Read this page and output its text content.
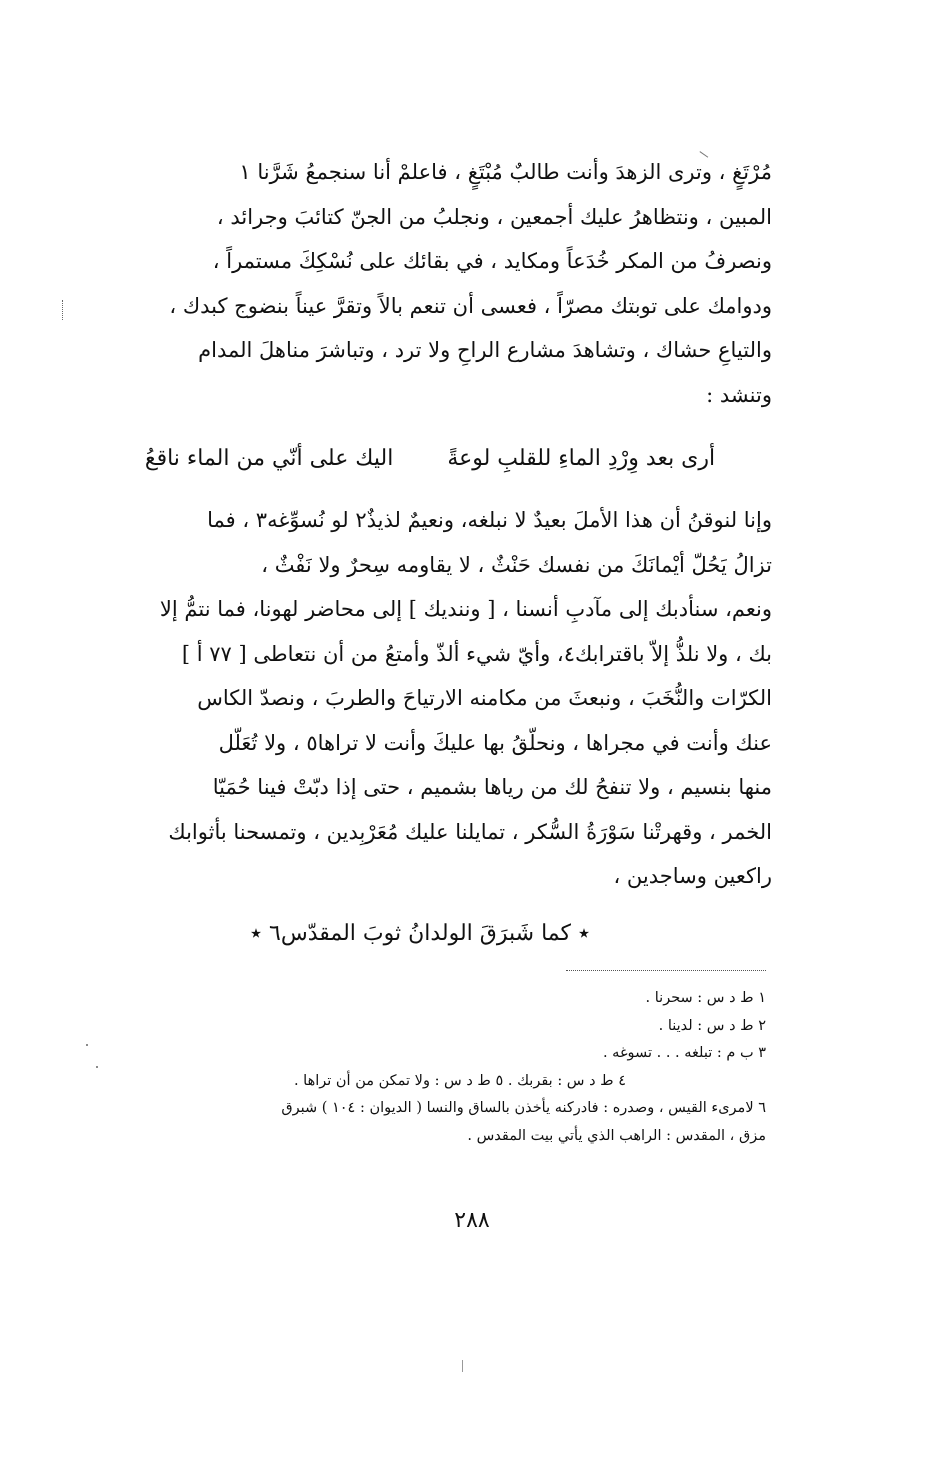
مُرْتَغٍ ، وترى الزهدَ وأنت طالبٌ مُبْتَغٍ ، فاعلمْ أنا سنجمعُ شَرَّنا ١
المبين ، ونتظاهرُ عليك أجمعين ، ونجلبُ من الجنّ كتائبَ وجرائد ،
ونصرفُ من المكر خُدَعاً ومكايد ، في بقائك على نُسْكِكَ مستمراً ،
ودوامك على توبتك مصرّاً ، فعسى أن تنعم بالاً وتقرَّ عيناً بنضوج كبدك ،
والتياعِ حشاك ، وتشاهدَ مشارع الراحِ ولا ترد ، وتباشرَ مناهلَ المدام
وتنشد :
أرى بعد وِرْدِ الماءِ للقلبِ لوعةً  اليك على أنّي من الماء ناقعُ
وإنا لنوقنُ أن هذا الأملَ بعيدٌ لا نبلغه، ونعيمٌ لذيذٌ٢ لو نُسوِّغه٣ ، فما
تزالُ يَحُلّ أيْمانَكَ من نفسك حَنْثٌ ، لا يقاومه سِحرٌ ولا نَفْثٌ ،
ونعم، سنأدبك إلى مآدبِ أنسنا ، [ وننديك ] إلى محاضر لهونا، فما نتمُّ إلا
بك ، ولا نلذُّ إلاّ باقترابك٤، وأيّ شيء ألذّ وأمتعُ من أن نتعاطى [ ٧٧ أ ]
الكرّات والنُّخَبَ ، ونبعثَ من مكامنه الارتياحَ والطربَ ، ونصدّ الكاس
عنك وأنت في مجراها ، ونحلّقُ بها عليكَ وأنت لا تراها٥ ، ولا تُعَلّل
منها بنسيم ، ولا تنفحُ لك من رياها بشميم ، حتى إذا دبّتْ فينا حُمَيّا
الخمر ، وقهرتْنا سَوْرَةُ السُّكر ، تمايلنا عليك مُعَرْبِدين ، وتمسحنا بأثوابك
راكعين وساجدين ،
٭ كما شَبرَقَ الولدانُ ثوبَ المقدّس٦ ٭
١ ط د س : سحرنا .
٢ ط د س : لدينا .
٣ ب م : تبلغه . . . تسوغه .
٤ ط د س : بقربك . ٥ ط د س : ولا تمكن من أن تراها .
٦ لامرىء القيس ، وصدره : فادركنه يأخذن بالساق والنسا ( الديوان : ١٠٤ ) شبرق
مزق ، المقدس : الراهب الذي يأتي بيت المقدس .
٢٨٨
